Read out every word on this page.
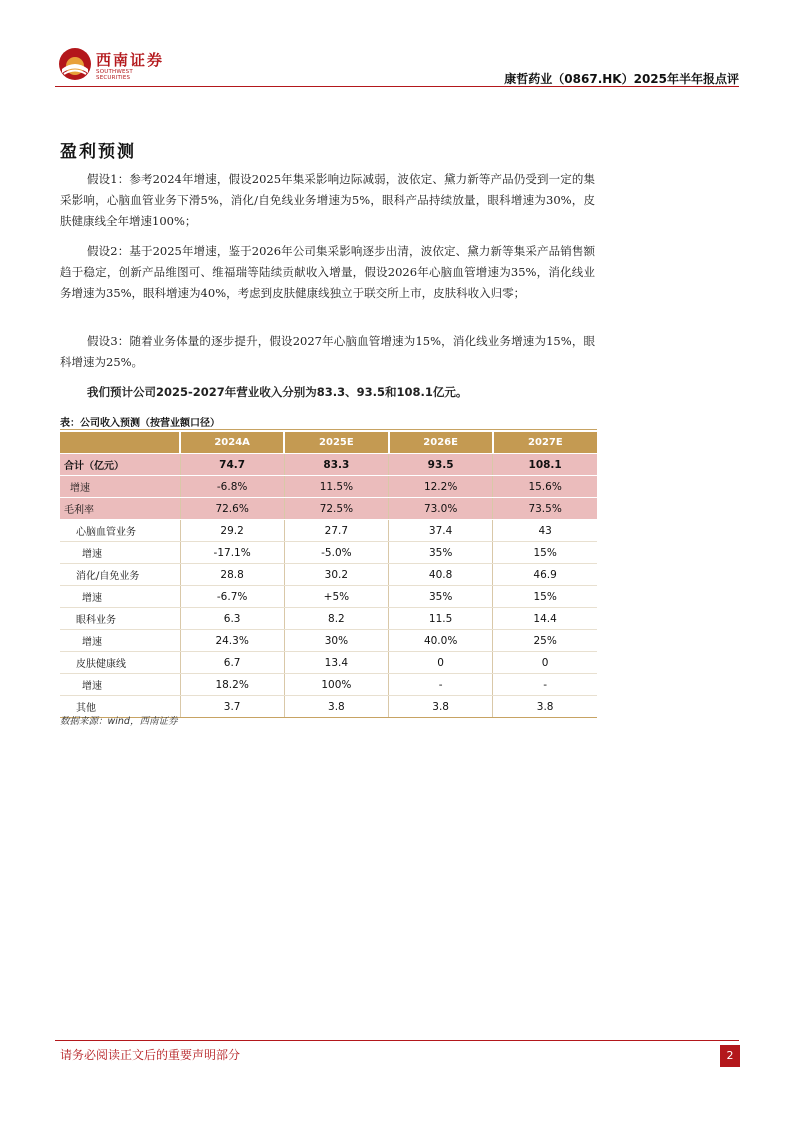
西南证券
SOUTHWEST SECURITIES	康哲药业（0867.HK）2025年半年报点评
盈利预测

假设1：参考2024年增速，假设2025年集采影响边际减弱，波依定、黛力新等产品仍受到一定的集采影响，心脑血管业务下滑5%，消化/自免线业务增速为5%，眼科产品持续放量，眼科增速为30%，皮肤健康线全年增速100%；

假设2：基于2025年增速，鉴于2026年公司集采影响逐步出清，波依定、黛力新等集采产品销售额趋于稳定，创新产品维图可、维福瑞等陆续贡献收入增量，假设2026年心脑血管增速为35%，消化线业务增速为35%，眼科增速为40%，考虑到皮肤健康线独立于联交所上市，皮肤科收入归零；

假设3：随着业务体量的逐步提升，假设2027年心脑血管增速为15%，消化线业务增速为15%，眼科增速为25%。

我们预计公司2025-2027年营业收入分别为83.3、93.5和108.1亿元。

表：公司收入预测（按营业额口径）
	2024A	2025E	2026E	2027E
合计（亿元）	74.7	83.3	93.5	108.1
增速	-6.8%	11.5%	12.2%	15.6%
毛利率	72.6%	72.5%	73.0%	73.5%
心脑血管业务	29.2	27.7	37.4	43
增速	-17.1%	-5.0%	35%	15%
消化/自免业务	28.8	30.2	40.8	46.9
增速	-6.7%	+5%	35%	15%
眼科业务	6.3	8.2	11.5	14.4
增速	24.3%	30%	40.0%	25%
皮肤健康线	6.7	13.4	0	0
增速	18.2%	100%	-	-
其他	3.7	3.8	3.8	3.8
数据来源：wind，西南证券
请务必阅读正文后的重要声明部分	2
